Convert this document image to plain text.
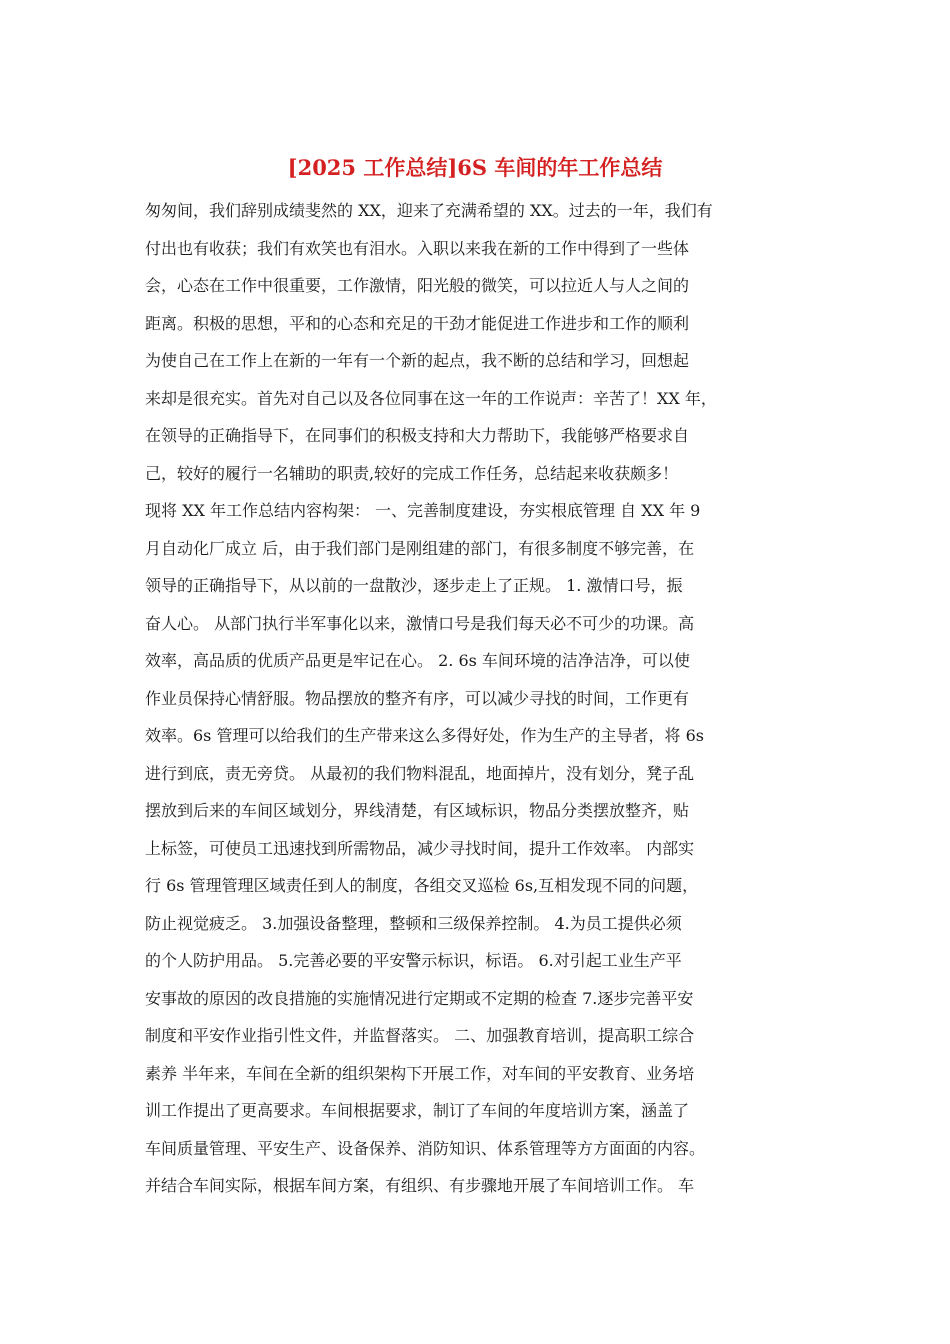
[2025 工作总结]6S 车间的年工作总结

匆匆间，我们辞别成绩斐然的 XX，迎来了充满希望的 XX。过去的一年，我们有

付出也有收获；我们有欢笑也有泪水。入职以来我在新的工作中得到了一些体

会，心态在工作中很重要，工作激情，阳光般的微笑，可以拉近人与人之间的

距离。积极的思想，平和的心态和充足的干劲才能促进工作进步和工作的顺利

为使自己在工作上在新的一年有一个新的起点，我不断的总结和学习，回想起

来却是很充实。首先对自己以及各位同事在这一年的工作说声：辛苦了！XX 年，

在领导的正确指导下，在同事们的积极支持和大力帮助下，我能够严格要求自

己，较好的履行一名辅助的职责,较好的完成工作任务，总结起来收获颇多！

现将 XX 年工作总结内容构架： 一、完善制度建设，夯实根底管理 自 XX 年 9

月自动化厂成立 后，由于我们部门是刚组建的部门，有很多制度不够完善，在

领导的正确指导下，从以前的一盘散沙，逐步走上了正规。 1. 激情口号，振

奋人心。 从部门执行半军事化以来，激情口号是我们每天必不可少的功课。高

效率，高品质的优质产品更是牢记在心。 2. 6s 车间环境的洁净洁净，可以使

作业员保持心情舒服。物品摆放的整齐有序，可以减少寻找的时间，工作更有

效率。6s 管理可以给我们的生产带来这么多得好处，作为生产的主导者，将 6s

进行到底，责无旁贷。 从最初的我们物料混乱，地面掉片，没有划分，凳子乱

摆放到后来的车间区域划分，界线清楚，有区域标识，物品分类摆放整齐，贴

上标签，可使员工迅速找到所需物品，减少寻找时间，提升工作效率。 内部实

行 6s 管理管理区域责任到人的制度，各组交叉巡检 6s,互相发现不同的问题，

防止视觉疲乏。 3.加强设备整理，整顿和三级保养控制。 4.为员工提供必须

的个人防护用品。 5.完善必要的平安警示标识，标语。 6.对引起工业生产平

安事故的原因的改良措施的实施情况进行定期或不定期的检查 7.逐步完善平安

制度和平安作业指引性文件，并监督落实。 二、加强教育培训，提高职工综合

素养 半年来，车间在全新的组织架构下开展工作，对车间的平安教育、业务培

训工作提出了更高要求。车间根据要求，制订了车间的年度培训方案，涵盖了

车间质量管理、平安生产、设备保养、消防知识、体系管理等方方面面的内容。

并结合车间实际，根据车间方案，有组织、有步骤地开展了车间培训工作。 车
